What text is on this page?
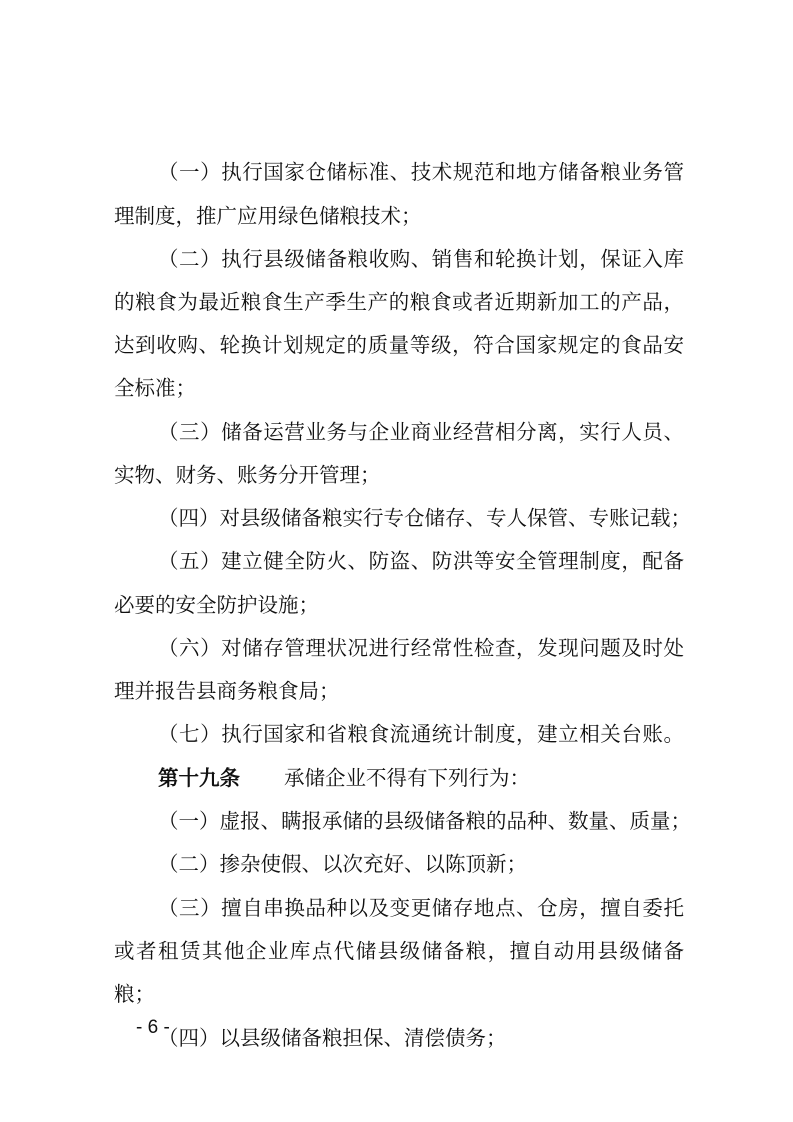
（一）执行国家仓储标准、技术规范和地方储备粮业务管
理制度，推广应用绿色储粮技术；
（二）执行县级储备粮收购、销售和轮换计划，保证入库
的粮食为最近粮食生产季生产的粮食或者近期新加工的产品，
达到收购、轮换计划规定的质量等级，符合国家规定的食品安
全标准；
（三）储备运营业务与企业商业经营相分离，实行人员、
实物、财务、账务分开管理；
（四）对县级储备粮实行专仓储存、专人保管、专账记载；
（五）建立健全防火、防盗、防洪等安全管理制度，配备
必要的安全防护设施；
（六）对储存管理状况进行经常性检查，发现问题及时处
理并报告县商务粮食局；
（七）执行国家和省粮食流通统计制度，建立相关台账。
第十九条 承储企业不得有下列行为：
（一）虚报、瞒报承储的县级储备粮的品种、数量、质量；
（二）掺杂使假、以次充好、以陈顶新；
（三）擅自串换品种以及变更储存地点、仓房，擅自委托
或者租赁其他企业库点代储县级储备粮，擅自动用县级储备
粮；
（四）以县级储备粮担保、清偿债务；
- 6 -
